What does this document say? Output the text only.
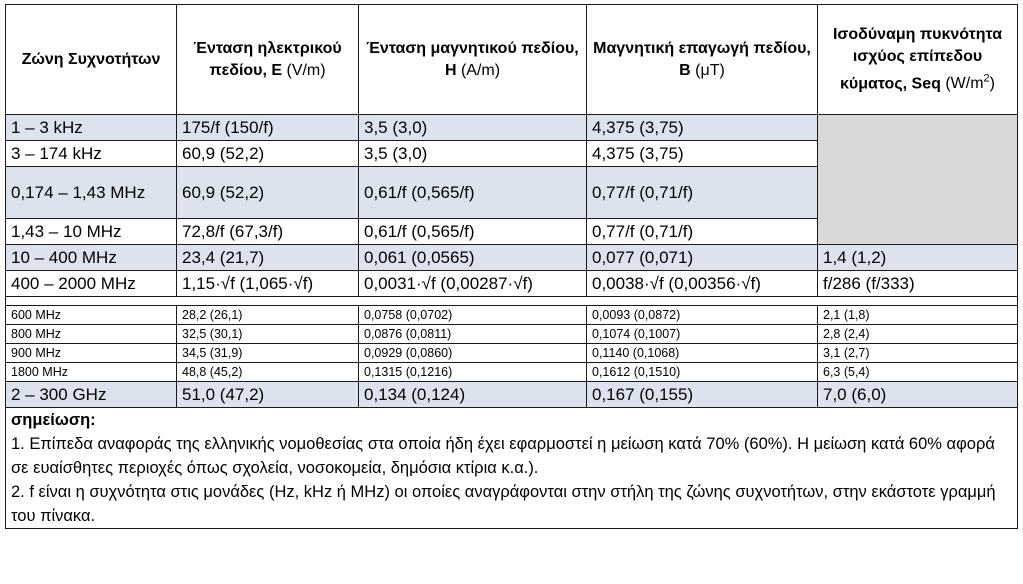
Ζώνη Συχνοτήτων	Ένταση ηλεκτρικού πεδίου, Ε (V/m)	Ένταση μαγνητικού πεδίου, Η (A/m)	Μαγνητική επαγωγή πεδίου, Β (μT)	Ισοδύναμη πυκνότητα ισχύος επίπεδου κύματος, Seq $(W/m^2)$
1 – 3 kHz	175/f (150/f)	3,5 (3,0)	4,375 (3,75)	
3 – 174 kHz	60,9 (52,2)	3,5 (3,0)	4,375 (3,75)	
0,174 – 1,43 MHz	60,9 (52,2)	0,61/f (0,565/f)	0,77/f (0,71/f)	
1,43 – 10 MHz	72,8/f (67,3/f)	0,61/f (0,565/f)	0,77/f (0,71/f)	
10 – 400 MHz	23,4 (21,7)	0,061 (0,0565)	0,077 (0,071)	1,4 (1,2)
400 – 2000 MHz	1,15·√f (1,065·√f)	0,0031·√f (0,00287·√f)	0,0038·√f (0,00356·√f)	f/286 (f/333)

600 MHz	28,2 (26,1)	0,0758 (0,0702)	0,0093 (0,0872)	2,1 (1,8)
800 MHz	32,5 (30,1)	0,0876 (0,0811)	0,1074 (0,1007)	2,8 (2,4)
900 MHz	34,5 (31,9)	0,0929 (0,0860)	0,1140 (0,1068)	3,1 (2,7)
1800 MHz	48,8 (45,2)	0,1315 (0,1216)	0,1612 (0,1510)	6,3 (5,4)
2 – 300 GHz	51,0 (47,2)	0,134 (0,124)	0,167 (0,155)	7,0 (6,0)

σημείωση:
1. Επίπεδα αναφοράς της ελληνικής νομοθεσίας στα οποία ήδη έχει εφαρμοστεί η μείωση κατά 70% (60%). Η μείωση κατά 60% αφορά σε ευαίσθητες περιοχές όπως σχολεία, νοσοκομεία, δημόσια κτίρια κ.α.).
2. f είναι η συχνότητα στις μονάδες (Hz, kHz ή MHz) οι οποίες αναγράφονται στην στήλη της ζώνης συχνοτήτων, στην εκάστοτε γραμμή του πίνακα.				
